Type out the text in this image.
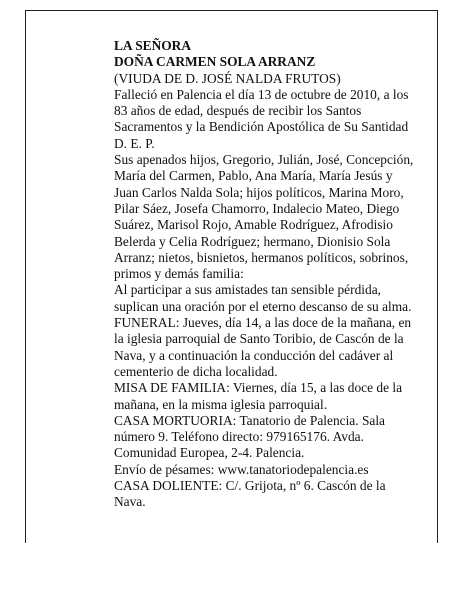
LA SEÑORA
DOÑA CARMEN SOLA ARRANZ
(VIUDA DE D. JOSÉ NALDA FRUTOS)
Falleció en Palencia el día 13 de octubre de 2010, a los
83 años de edad, después de recibir los Santos
Sacramentos y la Bendición Apostólica de Su Santidad
D. E. P.
Sus apenados hijos, Gregorio, Julián, José, Concepción,
María del Carmen, Pablo, Ana María, María Jesús y
Juan Carlos Nalda Sola; hijos políticos, Marina Moro,
Pilar Sáez, Josefa Chamorro, Indalecio Mateo, Diego
Suárez, Marisol Rojo, Amable Rodríguez, Afrodisio
Belerda y Celia Rodríguez; hermano, Dionisio Sola
Arranz; nietos, bisnietos, hermanos políticos, sobrinos,
primos y demás familia:
Al participar a sus amistades tan sensible pérdida,
suplican una oración por el eterno descanso de su alma.
FUNERAL: Jueves, día 14, a las doce de la mañana, en
la iglesia parroquial de Santo Toribio, de Cascón de la
Nava, y a continuación la conducción del cadáver al
cementerio de dicha localidad.
MISA DE FAMILIA: Viernes, día 15, a las doce de la
mañana, en la misma iglesia parroquial.
CASA MORTUORIA: Tanatorio de Palencia. Sala
número 9. Teléfono directo: 979165176. Avda.
Comunidad Europea, 2-4. Palencia.
Envío de pésames: www.tanatoriodepalencia.es
CASA DOLIENTE: C/. Grijota, nº 6. Cascón de la
Nava.
